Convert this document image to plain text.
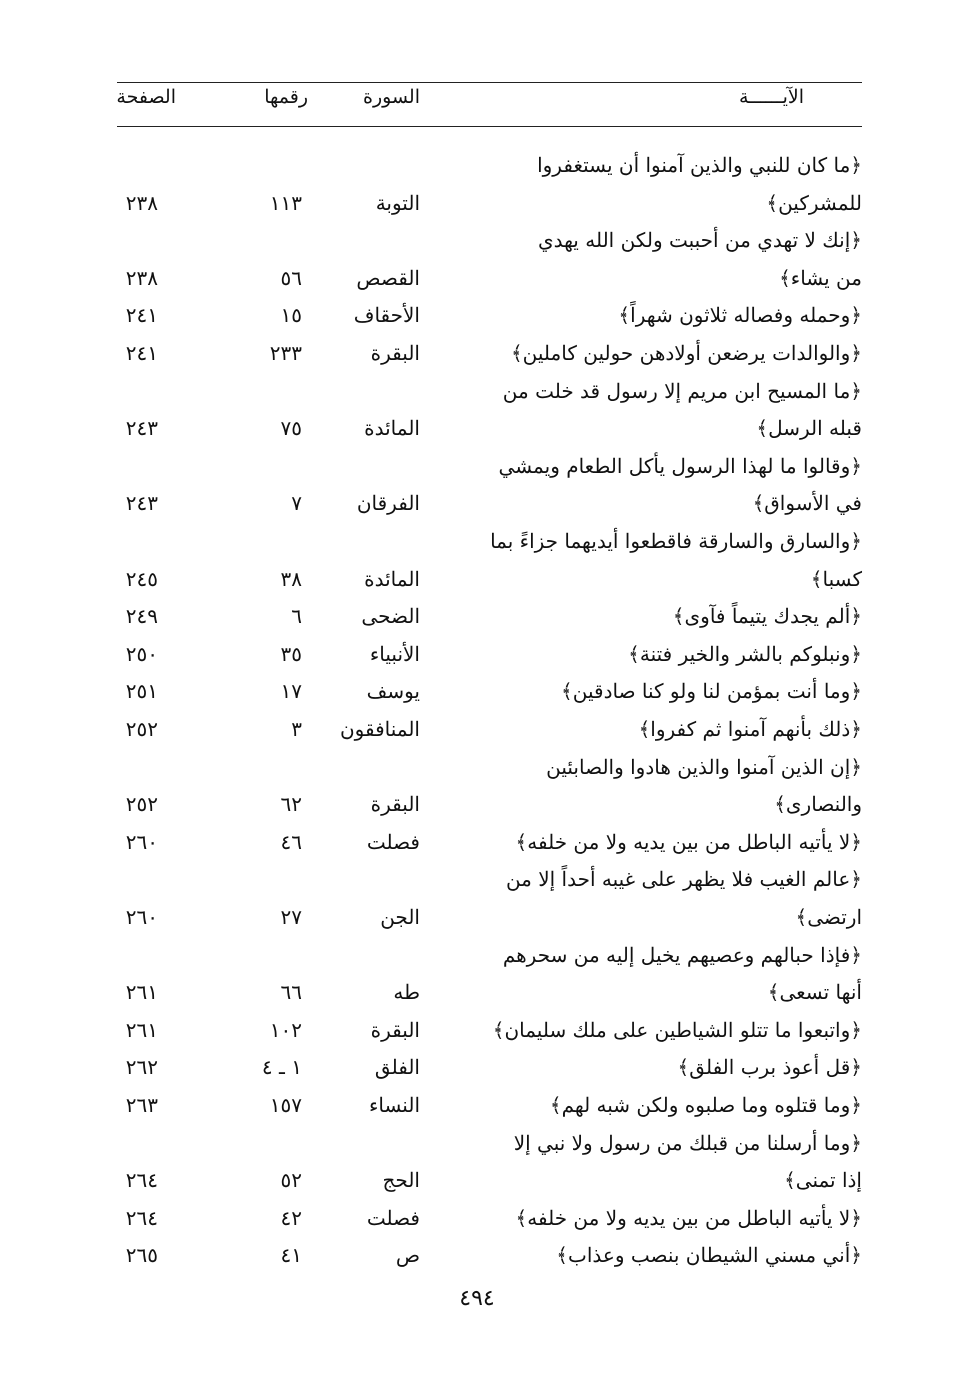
الآيــــــة
السورة
رقمها
الصفحة
﴿ما كان للنبي والذين آمنوا أن يستغفروا
للمشركين﴾
التوبة
١١٣
٢٣٨
﴿إنك لا تهدي من أحببت ولكن الله يهدي
من يشاء﴾
القصص
٥٦
٢٣٨
﴿وحمله وفصاله ثلاثون شهراً﴾
الأحقاف
١٥
٢٤١
﴿والوالدات يرضعن أولادهن حولين كاملين﴾
البقرة
٢٣٣
٢٤١
﴿ما المسيح ابن مريم إلا رسول قد خلت من
قبله الرسل﴾
المائدة
٧٥
٢٤٣
﴿وقالوا ما لهذا الرسول يأكل الطعام ويمشي
في الأسواق﴾
الفرقان
٧
٢٤٣
﴿والسارق والسارقة فاقطعوا أيديهما جزاءً بما
كسبا﴾
المائدة
٣٨
٢٤٥
﴿ألم يجدك يتيماً فآوى﴾
الضحى
٦
٢٤٩
﴿ونبلوكم بالشر والخير فتنة﴾
الأنبياء
٣٥
٢٥٠
﴿وما أنت بمؤمن لنا ولو كنا صادقين﴾
يوسف
١٧
٢٥١
﴿ذلك بأنهم آمنوا ثم كفروا﴾
المنافقون
٣
٢٥٢
﴿إن الذين آمنوا والذين هادوا والصابئين
والنصارى﴾
البقرة
٦٢
٢٥٢
﴿لا يأتيه الباطل من بين يديه ولا من خلفه﴾
فصلت
٤٦
٢٦٠
﴿عالم الغيب فلا يظهر على غيبه أحداً إلا من
ارتضى﴾
الجن
٢٧
٢٦٠
﴿فإذا حبالهم وعصيهم يخيل إليه من سحرهم
أنها تسعى﴾
طه
٦٦
٢٦١
﴿واتبعوا ما تتلو الشياطين على ملك سليمان﴾
البقرة
١٠٢
٢٦١
﴿قل أعوذ برب الفلق﴾
الفلق
١ ـ ٤
٢٦٢
﴿وما قتلوه وما صلبوه ولكن شبه لهم﴾
النساء
١٥٧
٢٦٣
﴿وما أرسلنا من قبلك من رسول ولا نبي إلا
إذا تمنى﴾
الحج
٥٢
٢٦٤
﴿لا يأتيه الباطل من بين يديه ولا من خلفه﴾
فصلت
٤٢
٢٦٤
﴿أني مسني الشيطان بنصب وعذاب﴾
ص
٤١
٢٦٥
٤٩٤
